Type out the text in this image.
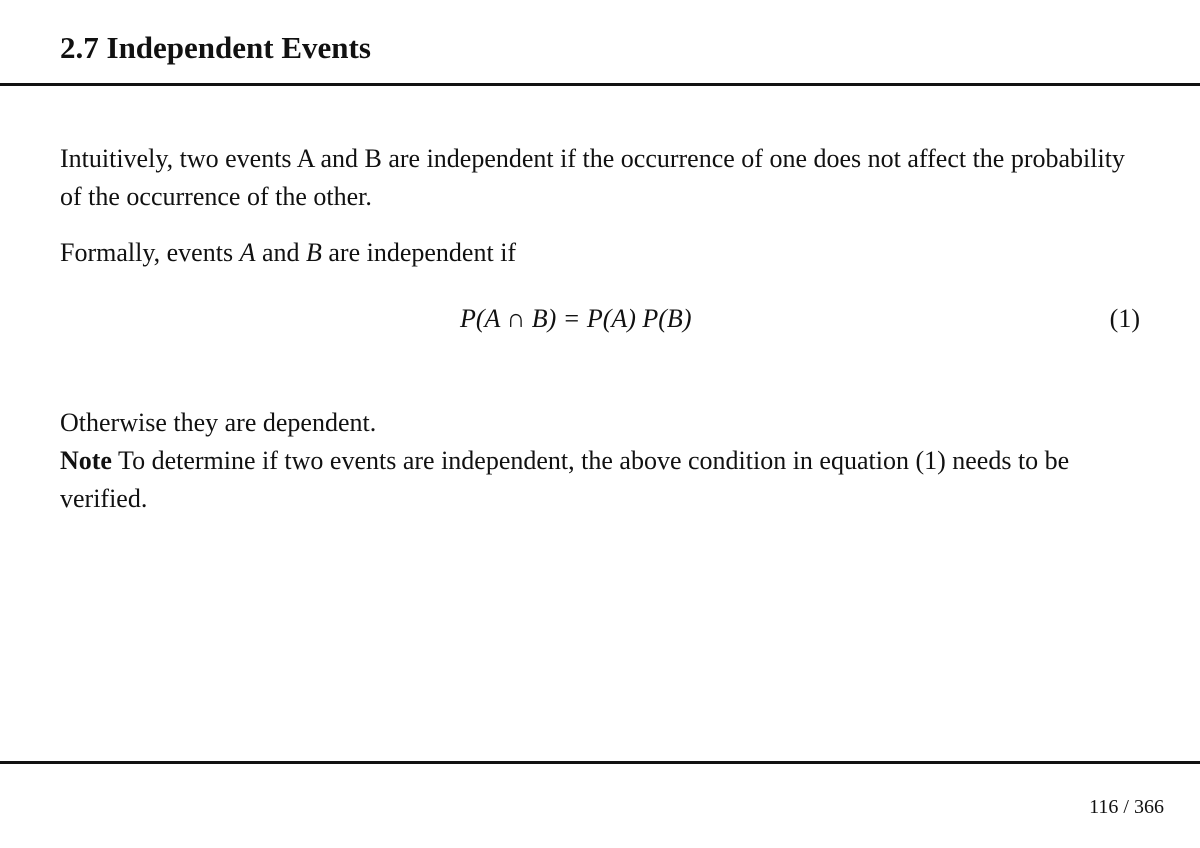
2.7 Independent Events

Intuitively, two events A and B are independent if the occurrence of one does not affect the probability of the occurrence of the other.

Formally, events A and B are independent if

P(A ∩ B) = P(A) P(B)	(1)

Otherwise they are dependent.

Note To determine if two events are independent, the above condition in equation (1) needs to be verified.

116 / 366
